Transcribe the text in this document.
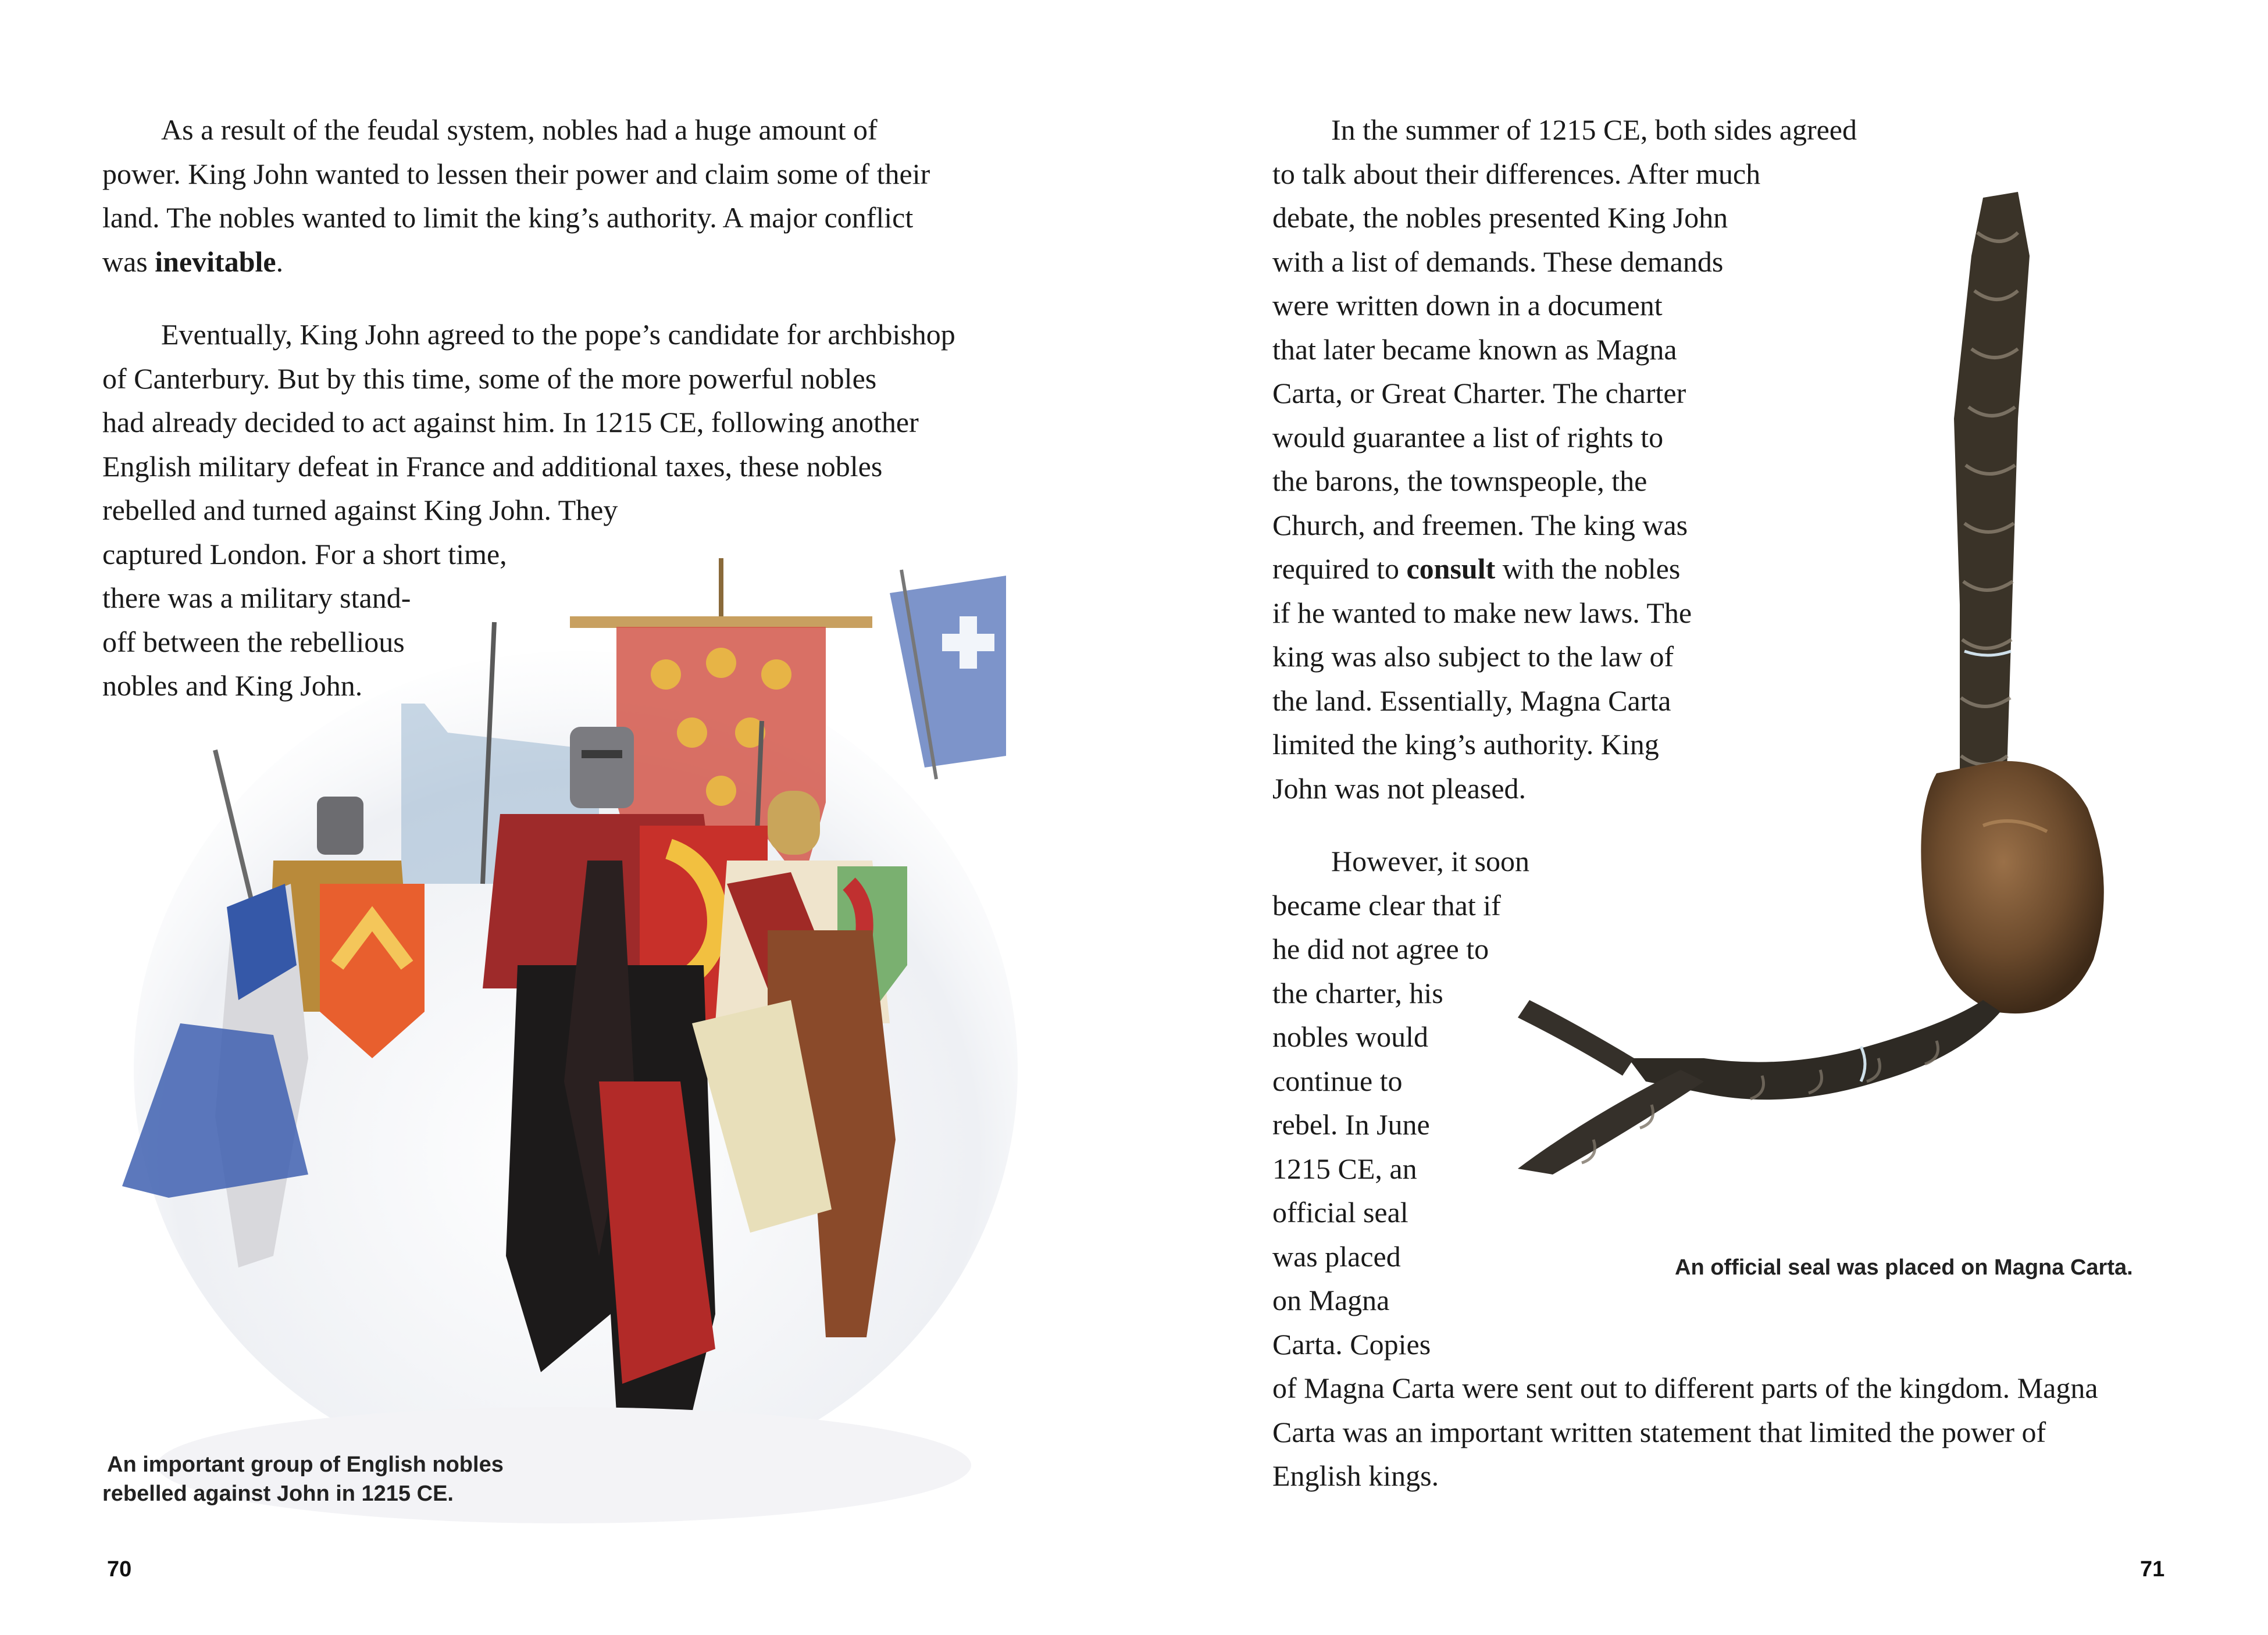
As a result of the feudal system, nobles had a huge amount of
power. King John wanted to lessen their power and claim some of their
land. The nobles wanted to limit the king’s authority. A major conflict
was inevitable.
Eventually, King John agreed to the pope’s candidate for archbishop
of Canterbury. But by this time, some of the more powerful nobles
had already decided to act against him. In 1215 CE, following another
English military defeat in France and additional taxes, these nobles
rebelled and turned against King John. They
captured London. For a short time,
there was a military stand-
off between the rebellious
nobles and King John.
An important group of English nobles
rebelled against John in 1215 CE.
70
In the summer of 1215 CE, both sides agreed
to talk about their differences. After much
debate, the nobles presented King John
with a list of demands. These demands
were written down in a document
that later became known as Magna
Carta, or Great Charter. The charter
would guarantee a list of rights to
the barons, the townspeople, the
Church, and freemen. The king was
required to consult with the nobles
if he wanted to make new laws. The
king was also subject to the law of
the land. Essentially, Magna Carta
limited the king’s authority. King
John was not pleased.
However, it soon
became clear that if
he did not agree to
the charter, his
nobles would
continue to
rebel. In June
1215 CE, an
official seal
was placed
on Magna
Carta. Copies
of Magna Carta were sent out to different parts of the kingdom. Magna
Carta was an important written statement that limited the power of
English kings.
An official seal was placed on Magna Carta.
71
